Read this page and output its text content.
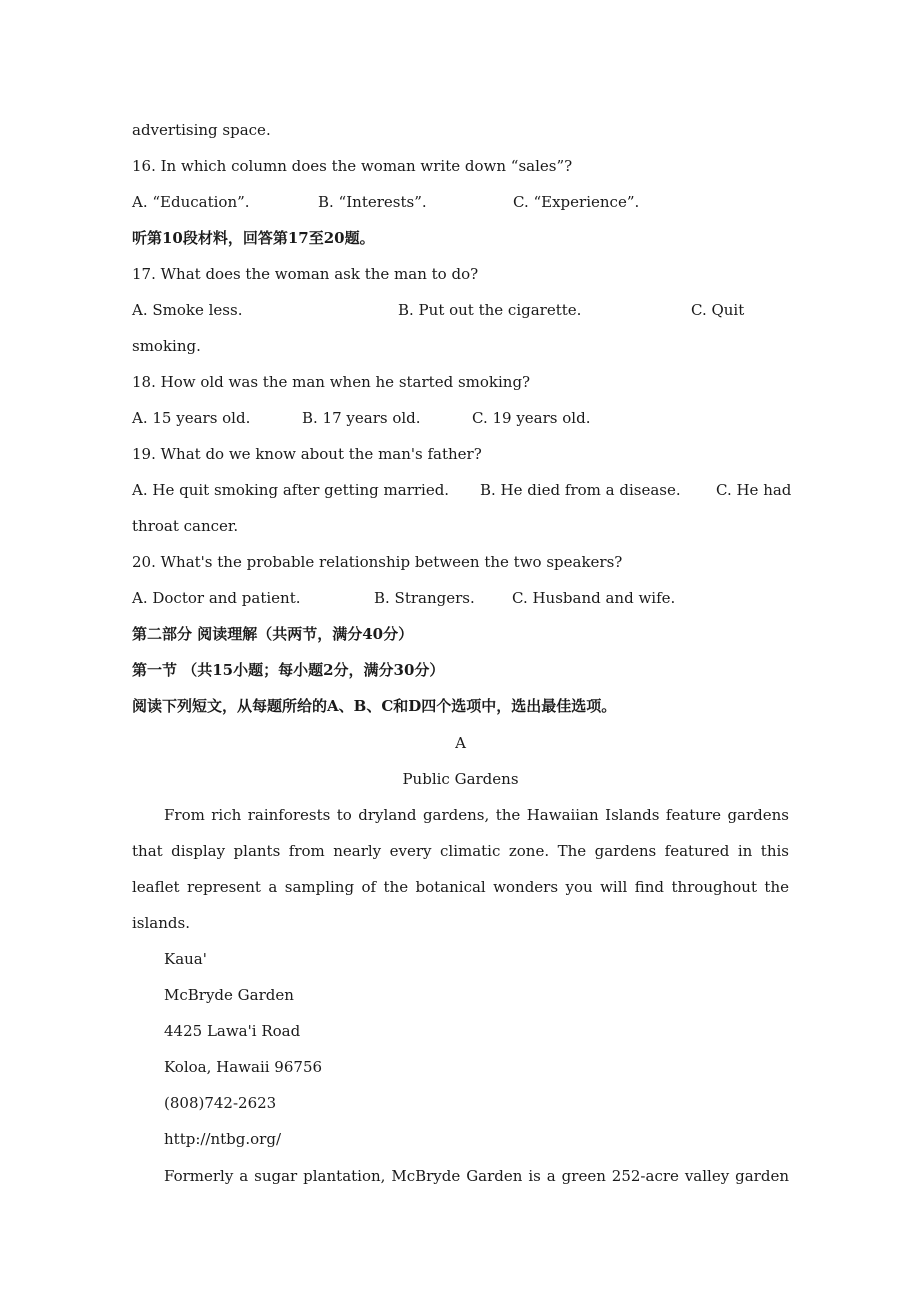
advertising space.
16. In which column does the woman write down “sales”?
A. “Education”.	B. “Interests”.	C. “Experience”.
听第10段材料，回答第17至20题。
17. What does the woman ask the man to do?
A. Smoke less.	B. Put out the cigarette.	C. Quit
smoking.
18. How old was the man when he started smoking?
A. 15 years old.	B. 17 years old.	C. 19 years old.
19. What do we know about the man's father?
A. He quit smoking after getting married. B. He died from a disease. C. He had
throat cancer.
20. What's the probable relationship between the two speakers?
A. Doctor and patient.	B. Strangers. C. Husband and wife.
第二部分 阅读理解（共两节，满分40分）
第一节 （共15小题；每小题2分，满分30分）
阅读下列短文，从每题所给的A、B、C和D四个选项中，选出最佳选项。
A
Public Gardens
From rich rainforests to dryland gardens, the Hawaiian Islands feature gardens
that display plants from nearly every climatic zone. The gardens featured in this
leaflet represent a sampling of the botanical wonders you will find throughout the
islands.
Kaua'
McBryde Garden
4425 Lawa'i Road
Koloa, Hawaii 96756
(808)742-2623
http://ntbg.org/
Formerly a sugar plantation, McBryde Garden is a green 252-acre valley garden
